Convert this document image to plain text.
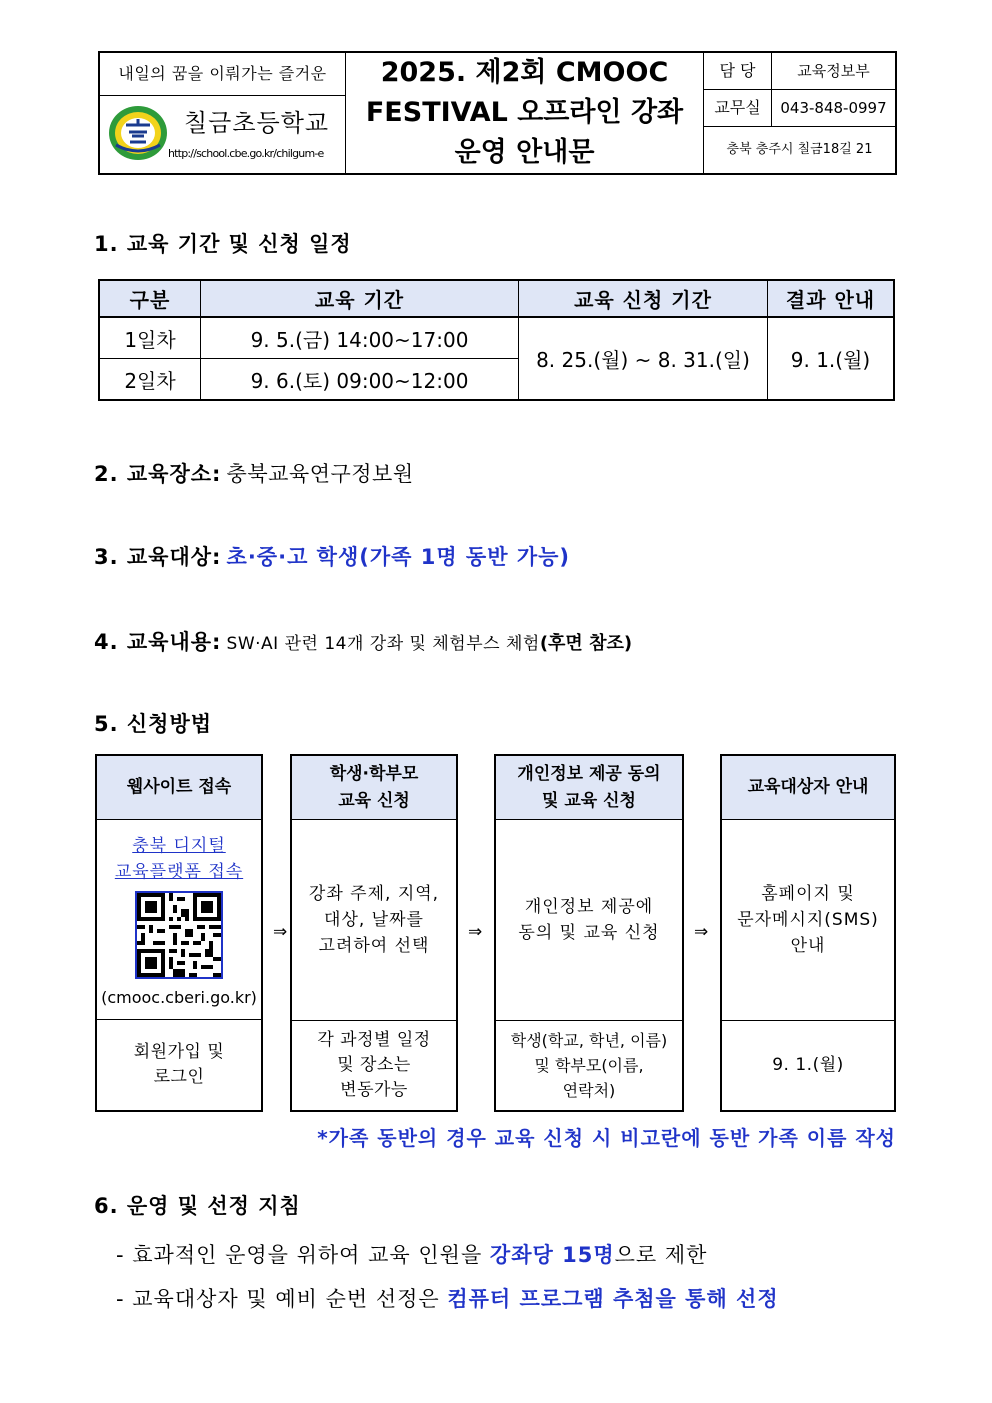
내일의 꿈을 이뤄가는 즐거운
칠금초등학교
http://school.cbe.go.kr/chilgum-e
2025. 제2회 CMOOC
FESTIVAL 오프라인 강좌
운영 안내문
담 당	교육정보부
교무실	043-848-0997
충북 충주시 칠금18길 21
1. 교육 기간 및 신청 일정
구분	교육 기간	교육 신청 기간	결과 안내
1일차	9. 5.(금) 14:00~17:00	8. 25.(월) ~ 8. 31.(일)	9. 1.(월)
2일차	9. 6.(토) 09:00~12:00		
2. 교육장소: 충북교육연구정보원
3. 교육대상: 초·중·고 학생(가족 1명 동반 가능)
4. 교육내용: SW·AI 관련 14개 강좌 및 체험부스 체험(후면 참조)
5. 신청방법
웹사이트 접속
충북 디지털
교육플랫폼 접속
(cmooc.cberi.go.kr)
회원가입 및
로그인
⇒
학생·학부모
교육 신청
강좌 주제, 지역,
대상, 날짜를
고려하여 선택
각 과정별 일정
및 장소는
변동가능
⇒
개인정보 제공 동의
및 교육 신청
개인정보 제공에
동의 및 교육 신청
학생(학교, 학년, 이름)
및 학부모(이름,
연락처)
⇒
교육대상자 안내
홈페이지 및
문자메시지(SMS)
안내
9. 1.(월)
*가족 동반의 경우 교육 신청 시 비고란에 동반 가족 이름 작성
6. 운영 및 선정 지침
- 효과적인 운영을 위하여 교육 인원을 강좌당 15명으로 제한
- 교육대상자 및 예비 순번 선정은 컴퓨터 프로그램 추첨을 통해 선정
